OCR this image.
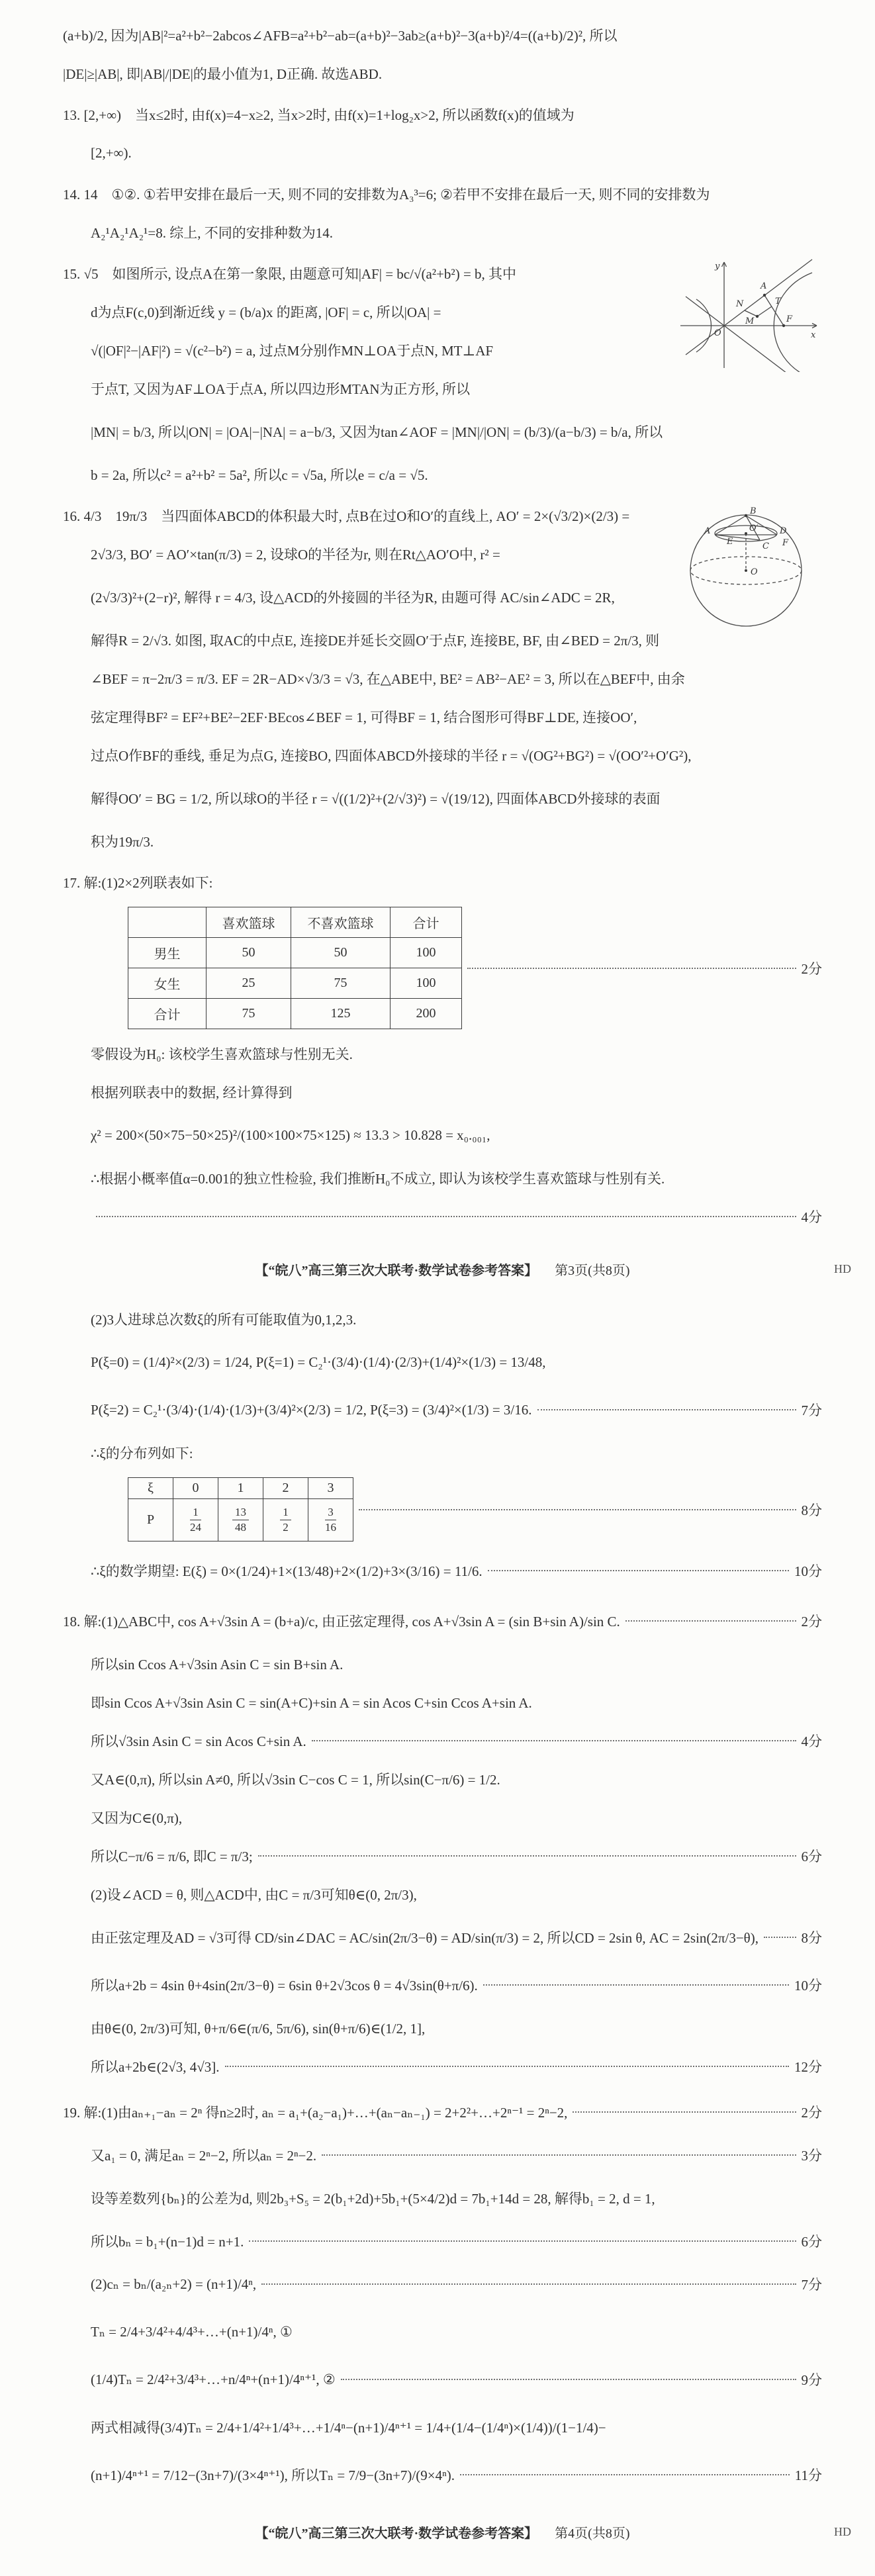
(a+b)/2, 因为|AB|²=a²+b²−2abcos∠AFB=a²+b²−ab=(a+b)²−3ab≥(a+b)²−3(a+b)²/4=((a+b)/2)², 所以
|DE|≥|AB|, 即|AB|/|DE|的最小值为1, D正确. 故选ABD.
13. [2,+∞)　当x≤2时, 由f(x)=4−x≥2, 当x>2时, 由f(x)=1+log₂x>2, 所以函数f(x)的值域为
[2,+∞).
14. 14　①②. ①若甲安排在最后一天, 则不同的安排数为A₃³=6; ②若甲不安排在最后一天, 则不同的安排数为
A₂¹A₂¹A₂¹=8. 综上, 不同的安排种数为14.
y
x
O
N
A
T
F
M
15. √5　如图所示, 设点A在第一象限, 由题意可知|AF| = bc/√(a²+b²) = b, 其中
d为点F(c,0)到渐近线 y = (b/a)x 的距离, |OF| = c, 所以|OA| =
√(|OF|²−|AF|²) = √(c²−b²) = a, 过点M分别作MN⊥OA于点N, MT⊥AF
于点T, 又因为AF⊥OA于点A, 所以四边形MTAN为正方形, 所以
|MN| = b/3, 所以|ON| = |OA|−|NA| = a−b/3, 又因为tan∠AOF = |MN|/|ON| = (b/3)/(a−b/3) = b/a, 所以
b = 2a, 所以c² = a²+b² = 5a², 所以c = √5a, 所以e = c/a = √5.
B
A	O′ D
C
E
O
F
16. 4/3　19π/3　当四面体ABCD的体积最大时, 点B在过O和O′的直线上, AO′ = 2×(√3/2)×(2/3) =
2√3/3, BO′ = AO′×tan(π/3) = 2, 设球O的半径为r, 则在Rt△AO′O中, r² =
(2√3/3)²+(2−r)², 解得 r = 4/3, 设△ACD的外接圆的半径为R, 由题可得 AC/sin∠ADC = 2R,
解得R = 2/√3. 如图, 取AC的中点E, 连接DE并延长交圆O′于点F, 连接BE, BF, 由∠BED = 2π/3, 则
∠BEF = π−2π/3 = π/3. EF = 2R−AD×√3/3 = √3, 在△ABE中, BE² = AB²−AE² = 3, 所以在△BEF中, 由余
弦定理得BF² = EF²+BE²−2EF·BEcos∠BEF = 1, 可得BF = 1, 结合图形可得BF⊥DE, 连接OO′,
过点O作BF的垂线, 垂足为点G, 连接BO, 四面体ABCD外接球的半径 r = √(OG²+BG²) = √(OO′²+O′G²),
解得OO′ = BG = 1/2, 所以球O的半径 r = √((1/2)²+(2/√3)²) = √(19/12), 四面体ABCD外接球的表面
积为19π/3.
17. 解:(1)2×2列联表如下:
	喜欢篮球	不喜欢篮球	合计
男生	50	50	100
女生	25	75	100
合计	75	125	200
2分
零假设为H₀: 该校学生喜欢篮球与性别无关.
根据列联表中的数据, 经计算得到
χ² = 200×(50×75−50×25)²/(100×100×75×125) ≈ 13.3 > 10.828 = x₀.₀₀₁,
∴根据小概率值α=0.001的独立性检验, 我们推断H₀不成立, 即认为该校学生喜欢篮球与性别有关.
4分
【“皖八”高三第三次大联考·数学试卷参考答案】 第3页(共8页)	HD
(2)3人进球总次数ξ的所有可能取值为0,1,2,3.
P(ξ=0) = (1/4)²×(2/3) = 1/24, P(ξ=1) = C₂¹·(3/4)·(1/4)·(2/3)+(1/4)²×(1/3) = 13/48,
P(ξ=2) = C₂¹·(3/4)·(1/4)·(1/3)+(3/4)²×(2/3) = 1/2, P(ξ=3) = (3/4)²×(1/3) = 3/16.	7分
∴ξ的分布列如下:
ξ	0	1	2	3
P	$\frac{1}{24}$	$\frac{13}{48}$	$\frac{1}{2}$	$\frac{3}{16}$	8分
∴ξ的数学期望: E(ξ) = 0×(1/24)+1×(13/48)+2×(1/2)+3×(3/16) = 11/6.	10分
18. 解:(1)△ABC中, cos A+√3sin A = (b+a)/c, 由正弦定理得, cos A+√3sin A = (sin B+sin A)/sin C.	2分
所以sin Ccos A+√3sin Asin C = sin B+sin A.
即sin Ccos A+√3sin Asin C = sin(A+C)+sin A = sin Acos C+sin Ccos A+sin A.
所以√3sin Asin C = sin Acos C+sin A.	4分
又A∈(0,π), 所以sin A≠0, 所以√3sin C−cos C = 1, 所以sin(C−π/6) = 1/2.
又因为C∈(0,π),
所以C−π/6 = π/6, 即C = π/3;	6分
(2)设∠ACD = θ, 则△ACD中, 由C = π/3可知θ∈(0, 2π/3),
由正弦定理及AD = √3可得 CD/sin∠DAC = AC/sin(2π/3−θ) = AD/sin(π/3) = 2, 所以CD = 2sin θ, AC = 2sin(2π/3−θ),	8分
所以a+2b = 4sin θ+4sin(2π/3−θ) = 6sin θ+2√3cos θ = 4√3sin(θ+π/6).	10分
由θ∈(0, 2π/3)可知, θ+π/6∈(π/6, 5π/6), sin(θ+π/6)∈(1/2, 1],
所以a+2b∈(2√3, 4√3].	12分
19. 解:(1)由aₙ₊₁−aₙ = 2ⁿ 得n≥2时, aₙ = a₁+(a₂−a₁)+…+(aₙ−aₙ₋₁) = 2+2²+…+2ⁿ⁻¹ = 2ⁿ−2,	2分
又a₁ = 0, 满足aₙ = 2ⁿ−2, 所以aₙ = 2ⁿ−2.	3分
设等差数列{bₙ}的公差为d, 则2b₃+S₅ = 2(b₁+2d)+5b₁+(5×4/2)d = 7b₁+14d = 28, 解得b₁ = 2, d = 1,
所以bₙ = b₁+(n−1)d = n+1.	6分
(2)cₙ = bₙ/(a₂ₙ+2) = (n+1)/4ⁿ,	7分
Tₙ = 2/4+3/4²+4/4³+…+(n+1)/4ⁿ, ①
(1/4)Tₙ = 2/4²+3/4³+…+n/4ⁿ+(n+1)/4ⁿ⁺¹, ②	9分
两式相减得(3/4)Tₙ = 2/4+1/4²+1/4³+…+1/4ⁿ−(n+1)/4ⁿ⁺¹ = 1/4+(1/4−(1/4ⁿ)×(1/4))/(1−1/4)−
(n+1)/4ⁿ⁺¹ = 7/12−(3n+7)/(3×4ⁿ⁺¹), 所以Tₙ = 7/9−(3n+7)/(9×4ⁿ).	11分
【“皖八”高三第三次大联考·数学试卷参考答案】 第4页(共8页)	HD
